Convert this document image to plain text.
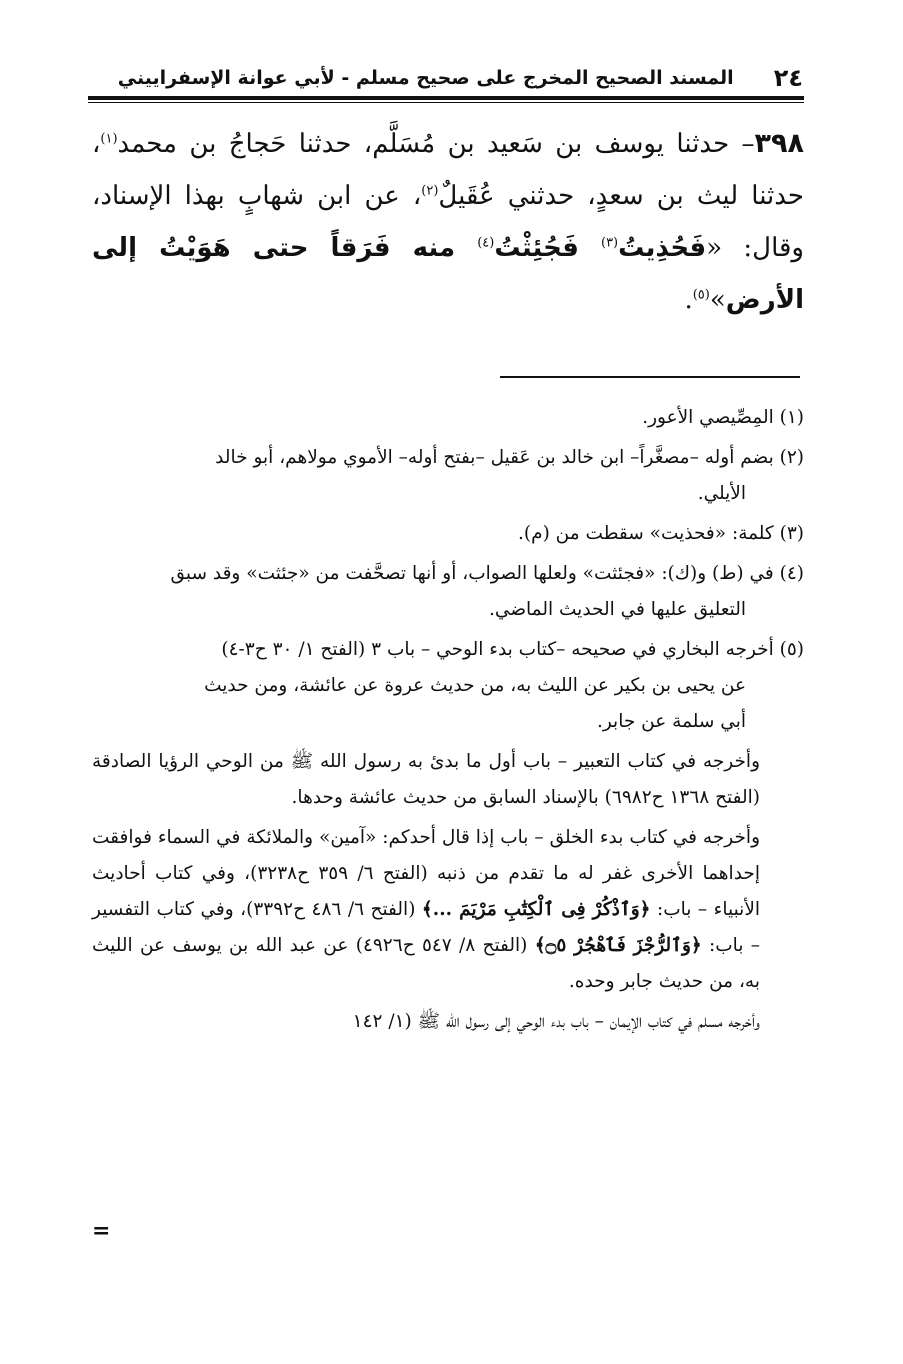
٢٤
المسند الصحيح المخرج على صحيح مسلم - لأبي عوانة الإسفراييني
٣٩٨– حدثنا يوسف بن سَعيد بن مُسَلَّم، حدثنا حَجاجُ بن محمد$^{(١)}$، حدثنا ليث بن سعدٍ، حدثني عُقَيلٌ$^{(٢)}$، عن ابن شهابٍ بهذا الإسناد، وقال: «فَحُذِيتُ$^{(٣)}$ فَجُئِثْتُ$^{(٤)}$ منه فَرَقاً حتى هَوَيْتُ إلى الأرض»$^{(٥)}$.
(١) المِصِّيصي الأعور.
(٢) بضم أوله –مصغَّراً– ابن خالد بن عَقيل –بفتح أوله– الأموي مولاهم، أبو خالد
الأيلي.
(٣) كلمة: «فحذيت» سقطت من (م).
(٤) في (ط) و(ك): «فجئثت» ولعلها الصواب، أو أنها تصحَّفت من «جئثت» وقد سبق
التعليق عليها في الحديث الماضي.
(٥) أخرجه البخاري في صحيحه –كتاب بدء الوحي – باب ٣ (الفتح ١/ ٣٠ ح٣-٤)
عن يحيى بن بكير عن الليث به، من حديث عروة عن عائشة، ومن حديث
أبي سلمة عن جابر.
وأخرجه في كتاب التعبير – باب أول ما بدئ به رسول الله ﷺ من الوحي الرؤيا الصادقة (الفتح ١٣٦٨ ح٦٩٨٢) بالإسناد السابق من حديث عائشة وحدها.
وأخرجه في كتاب بدء الخلق – باب إذا قال أحدكم: «آمين» والملائكة في السماء فوافقت إحداهما الأخرى غفر له ما تقدم من ذنبه (الفتح ٦/ ٣٥٩ ح٣٢٣٨)، وفي كتاب أحاديث الأنبياء – باب: ﴿وَٱذْكُرْ فِى ٱلْكِتَٰبِ مَرْيَمَ ...﴾ (الفتح ٦/ ٤٨٦ ح٣٣٩٢)، وفي كتاب التفسير – باب: ﴿وَٱلرُّجْزَ فَٱهْجُرْ ۝٥﴾ (الفتح ٨/ ٥٤٧ ح٤٩٢٦) عن عبد الله بن يوسف عن الليث به، من حديث جابر وحده.
وأخرجه مسلم في كتاب الإيمان – باب بدء الوحي إلى رسول الله ﷺ (١/ ١٤٢
=
